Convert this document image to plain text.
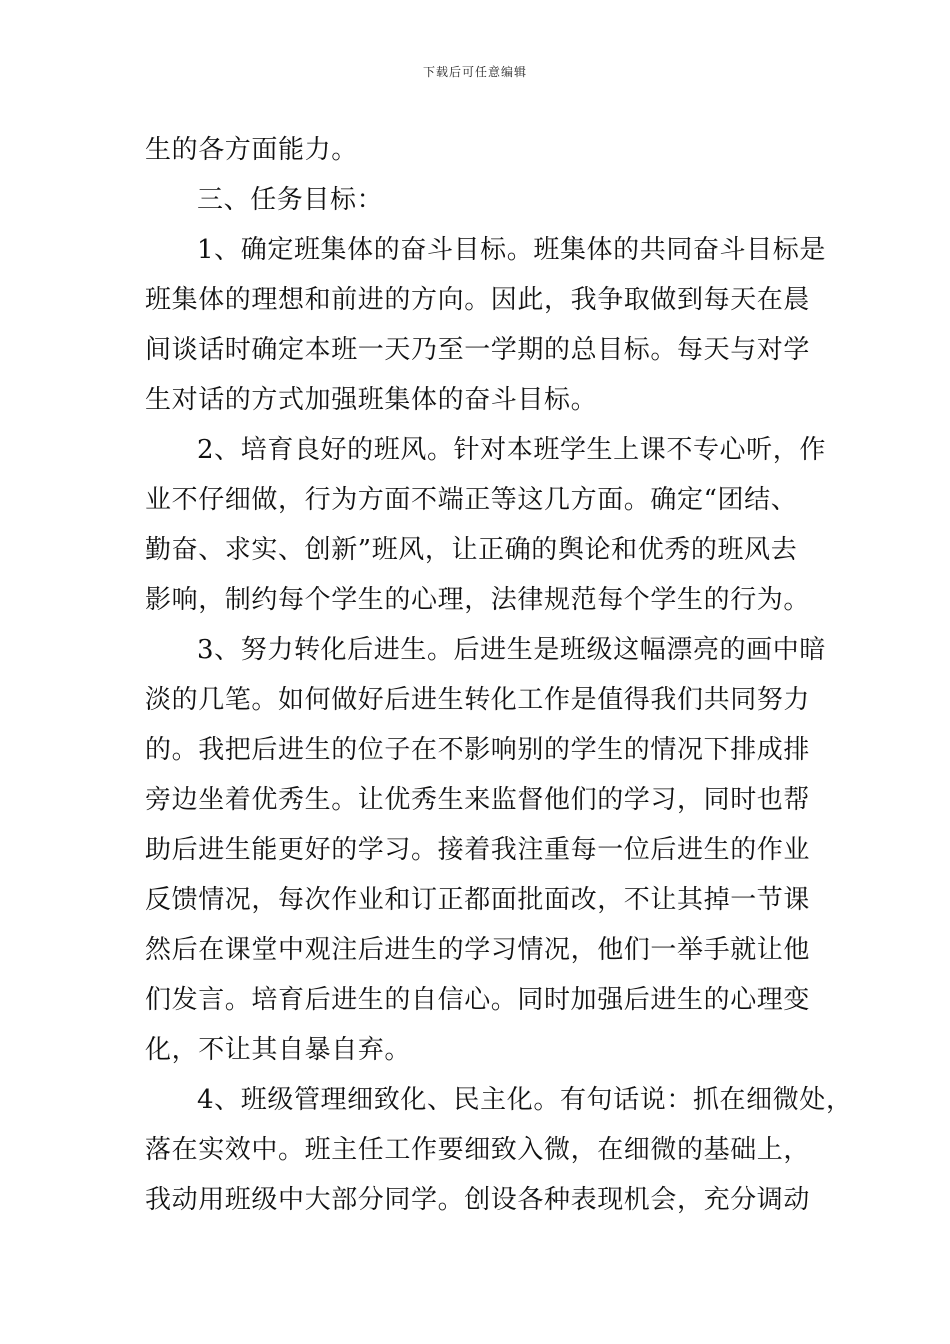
下载后可任意编辑
生的各方面能力。
三、任务目标：
1、确定班集体的奋斗目标。班集体的共同奋斗目标是
班集体的理想和前进的方向。因此，我争取做到每天在晨
间谈话时确定本班一天乃至一学期的总目标。每天与对学
生对话的方式加强班集体的奋斗目标。
2、培育良好的班风。针对本班学生上课不专心听，作
业不仔细做，行为方面不端正等这几方面。确定“团结、
勤奋、求实、创新”班风，让正确的舆论和优秀的班风去
影响，制约每个学生的心理，法律规范每个学生的行为。
3、努力转化后进生。后进生是班级这幅漂亮的画中暗
淡的几笔。如何做好后进生转化工作是值得我们共同努力
的。我把后进生的位子在不影响别的学生的情况下排成排
旁边坐着优秀生。让优秀生来监督他们的学习，同时也帮
助后进生能更好的学习。接着我注重每一位后进生的作业
反馈情况，每次作业和订正都面批面改，不让其掉一节课
然后在课堂中观注后进生的学习情况，他们一举手就让他
们发言。培育后进生的自信心。同时加强后进生的心理变
化，不让其自暴自弃。
4、班级管理细致化、民主化。有句话说：抓在细微处，
落在实效中。班主任工作要细致入微，在细微的基础上，
我动用班级中大部分同学。创设各种表现机会，充分调动
